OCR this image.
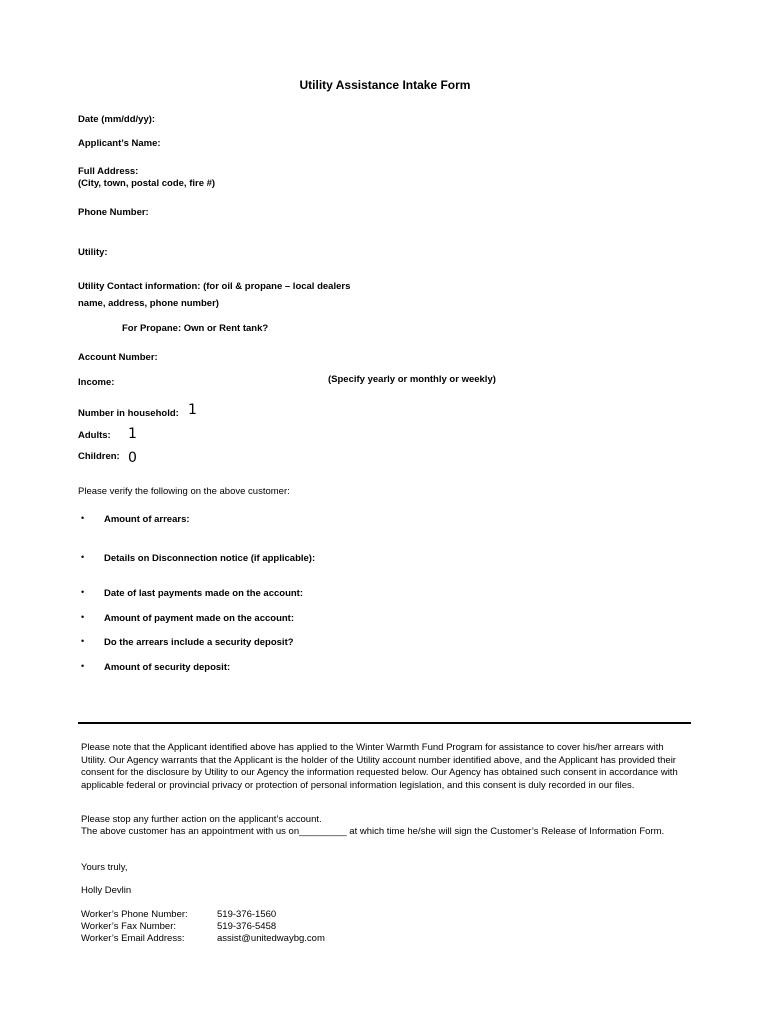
Utility Assistance Intake Form
Date (mm/dd/yy):
Applicant’s Name:
Full Address:
(City, town, postal code, fire #)
Phone Number:
Utility:
Utility Contact information: (for oil & propane – local dealers
name, address, phone number)
For Propane: Own or Rent tank?
Account Number:
Income:	(Specify yearly or monthly or weekly)
Number in household: 1
Adults: 1
Children: 0
Please verify the following on the above customer:
• Amount of arrears:
• Details on Disconnection notice (if applicable):
• Date of last payments made on the account:
• Amount of payment made on the account:
• Do the arrears include a security deposit?
• Amount of security deposit:
Please note that the Applicant identified above has applied to the Winter Warmth Fund Program for assistance to cover his/her arrears with Utility. Our Agency warrants that the Applicant is the holder of the Utility account number identified above, and the Applicant has provided their consent for the disclosure by Utility to our Agency the information requested below. Our Agency has obtained such consent in accordance with applicable federal or provincial privacy or protection of personal information legislation, and this consent is duly recorded in our files.
Please stop any further action on the applicant’s account.
The above customer has an appointment with us on_________ at which time he/she will sign the Customer’s Release of Information Form.
Yours truly,
Holly Devlin
Worker’s Phone Number:	519-376-1560
Worker’s Fax Number:	519-376-5458
Worker’s Email Address:	assist@unitedwaybg.com
